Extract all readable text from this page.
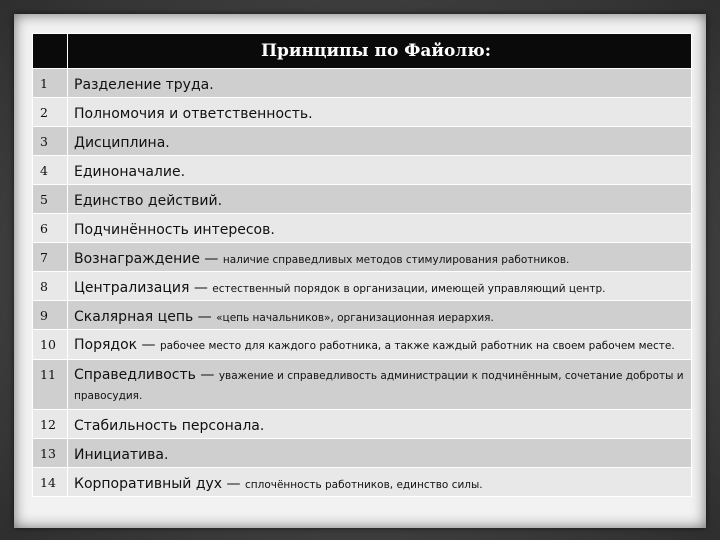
	Принципы по Файолю:
1	Разделение труда.
2	Полномочия и ответственность.
3	Дисциплина.
4	Единоначалие.
5	Единство действий.
6	Подчинённость интересов.
7	Вознаграждение — наличие справедливых методов стимулирования работников.
8	Централизация — естественный порядок в организации, имеющей управляющий центр.
9	Скалярная цепь — «цепь начальников», организационная иерархия.
10	Порядок — рабочее место для каждого работника, а также каждый работник на своем рабочем месте.
11	Справедливость — уважение и справедливость администрации к подчинённым, сочетание доброты и правосудия.
12	Стабильность персонала.
13	Инициатива.
14	Корпоративный дух — сплочённость работников, единство силы.
